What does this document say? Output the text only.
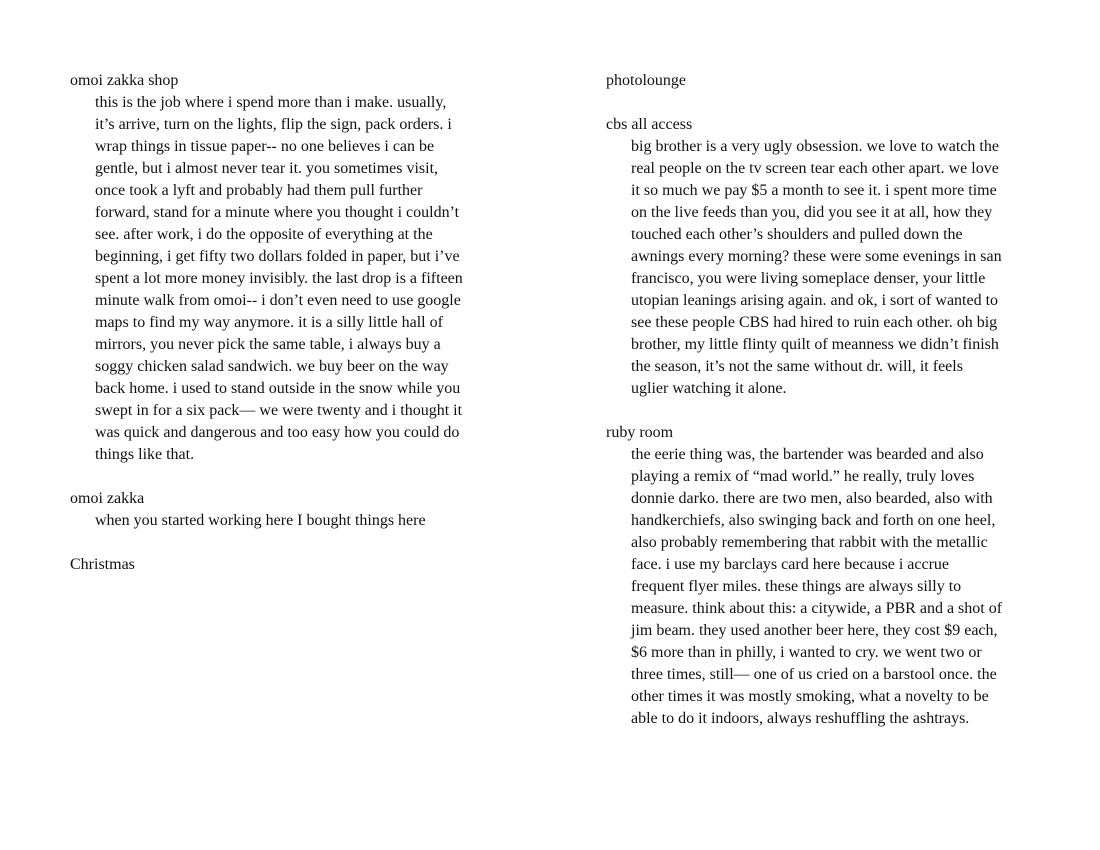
omoi zakka shop

this is the job where i spend more than i make. usually,
it’s arrive, turn on the lights, flip the sign, pack orders. i
wrap things in tissue paper-- no one believes i can be
gentle, but i almost never tear it. you sometimes visit,
once took a lyft and probably had them pull further
forward, stand for a minute where you thought i couldn’t
see. after work, i do the opposite of everything at the
beginning, i get fifty two dollars folded in paper, but i’ve
spent a lot more money invisibly. the last drop is a fifteen
minute walk from omoi-- i don’t even need to use google
maps to find my way anymore. it is a silly little hall of
mirrors, you never pick the same table, i always buy a
soggy chicken salad sandwich. we buy beer on the way
back home. i used to stand outside in the snow while you
swept in for a six pack— we were twenty and i thought it
was quick and dangerous and too easy how you could do
things like that.

omoi zakka

when you started working here I bought things here

Christmas

photolounge

cbs all access

big brother is a very ugly obsession. we love to watch the
real people on the tv screen tear each other apart. we love
it so much we pay $5 a month to see it. i spent more time
on the live feeds than you, did you see it at all, how they
touched each other’s shoulders and pulled down the
awnings every morning? these were some evenings in san
francisco, you were living someplace denser, your little
utopian leanings arising again. and ok, i sort of wanted to
see these people CBS had hired to ruin each other. oh big
brother, my little flinty quilt of meanness we didn’t finish
the season, it’s not the same without dr. will, it feels
uglier watching it alone.

ruby room

the eerie thing was, the bartender was bearded and also
playing a remix of “mad world.” he really, truly loves
donnie darko. there are two men, also bearded, also with
handkerchiefs, also swinging back and forth on one heel,
also probably remembering that rabbit with the metallic
face. i use my barclays card here because i accrue
frequent flyer miles. these things are always silly to
measure. think about this: a citywide, a PBR and a shot of
jim beam. they used another beer here, they cost $9 each,
$6 more than in philly, i wanted to cry. we went two or
three times, still— one of us cried on a barstool once. the
other times it was mostly smoking, what a novelty to be
able to do it indoors, always reshuffling the ashtrays.
